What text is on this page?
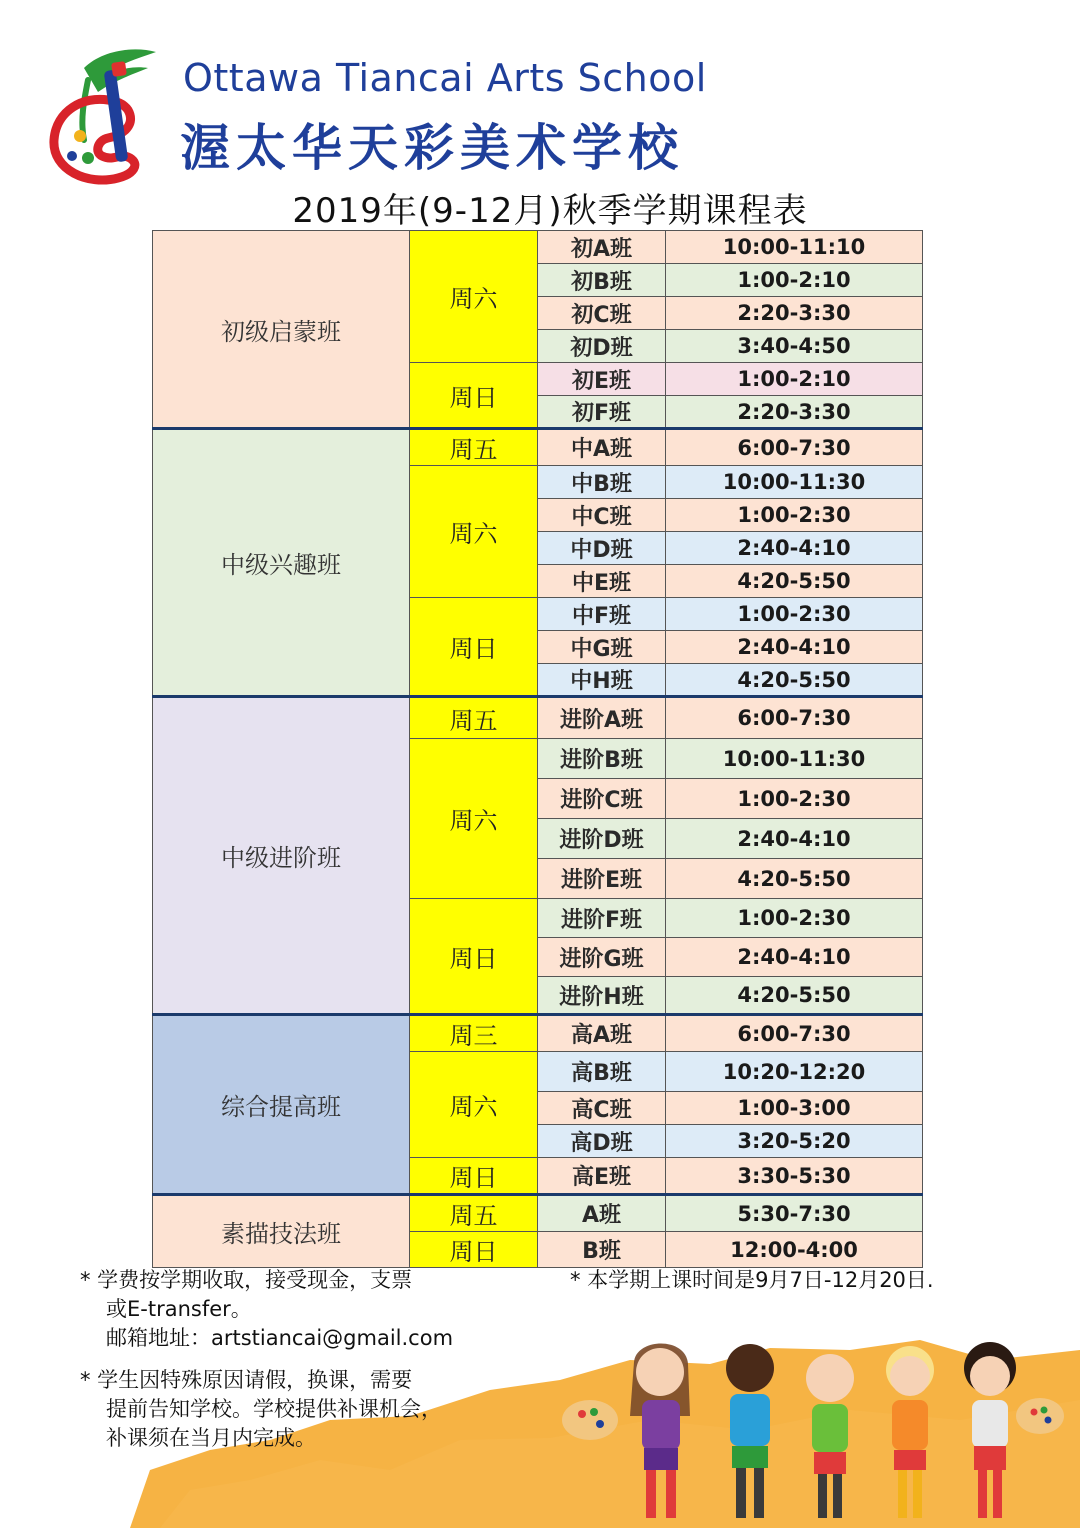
Ottawa Tiancai Arts School
渥太华天彩美术学校
2019年(9-12月)秋季学期课程表
初级启蒙班	周六	初A班	10:00-11:10
		初B班	1:00-2:10
		初C班	2:20-3:30
		初D班	3:40-4:50
	周日	初E班	1:00-2:10
		初F班	2:20-3:30
中级兴趣班	周五	中A班	6:00-7:30
	周六	中B班	10:00-11:30
		中C班	1:00-2:30
		中D班	2:40-4:10
		中E班	4:20-5:50
	周日	中F班	1:00-2:30
		中G班	2:40-4:10
		中H班	4:20-5:50
中级进阶班	周五	进阶A班	6:00-7:30
	周六	进阶B班	10:00-11:30
		进阶C班	1:00-2:30
		进阶D班	2:40-4:10
		进阶E班	4:20-5:50
	周日	进阶F班	1:00-2:30
		进阶G班	2:40-4:10
		进阶H班	4:20-5:50
综合提高班	周三	高A班	6:00-7:30
	周六	高B班	10:20-12:20
		高C班	1:00-3:00
		高D班	3:20-5:20
	周日	高E班	3:30-5:30
素描技法班	周五	A班	5:30-7:30
	周日	B班	12:00-4:00
* 学费按学期收取，接受现金，支票
或E-transfer。
邮箱地址：artstiancai@gmail.com
* 学生因特殊原因请假，换课，需要
提前告知学校。学校提供补课机会，
补课须在当月内完成。
* 本学期上课时间是9月7日-12月20日.
